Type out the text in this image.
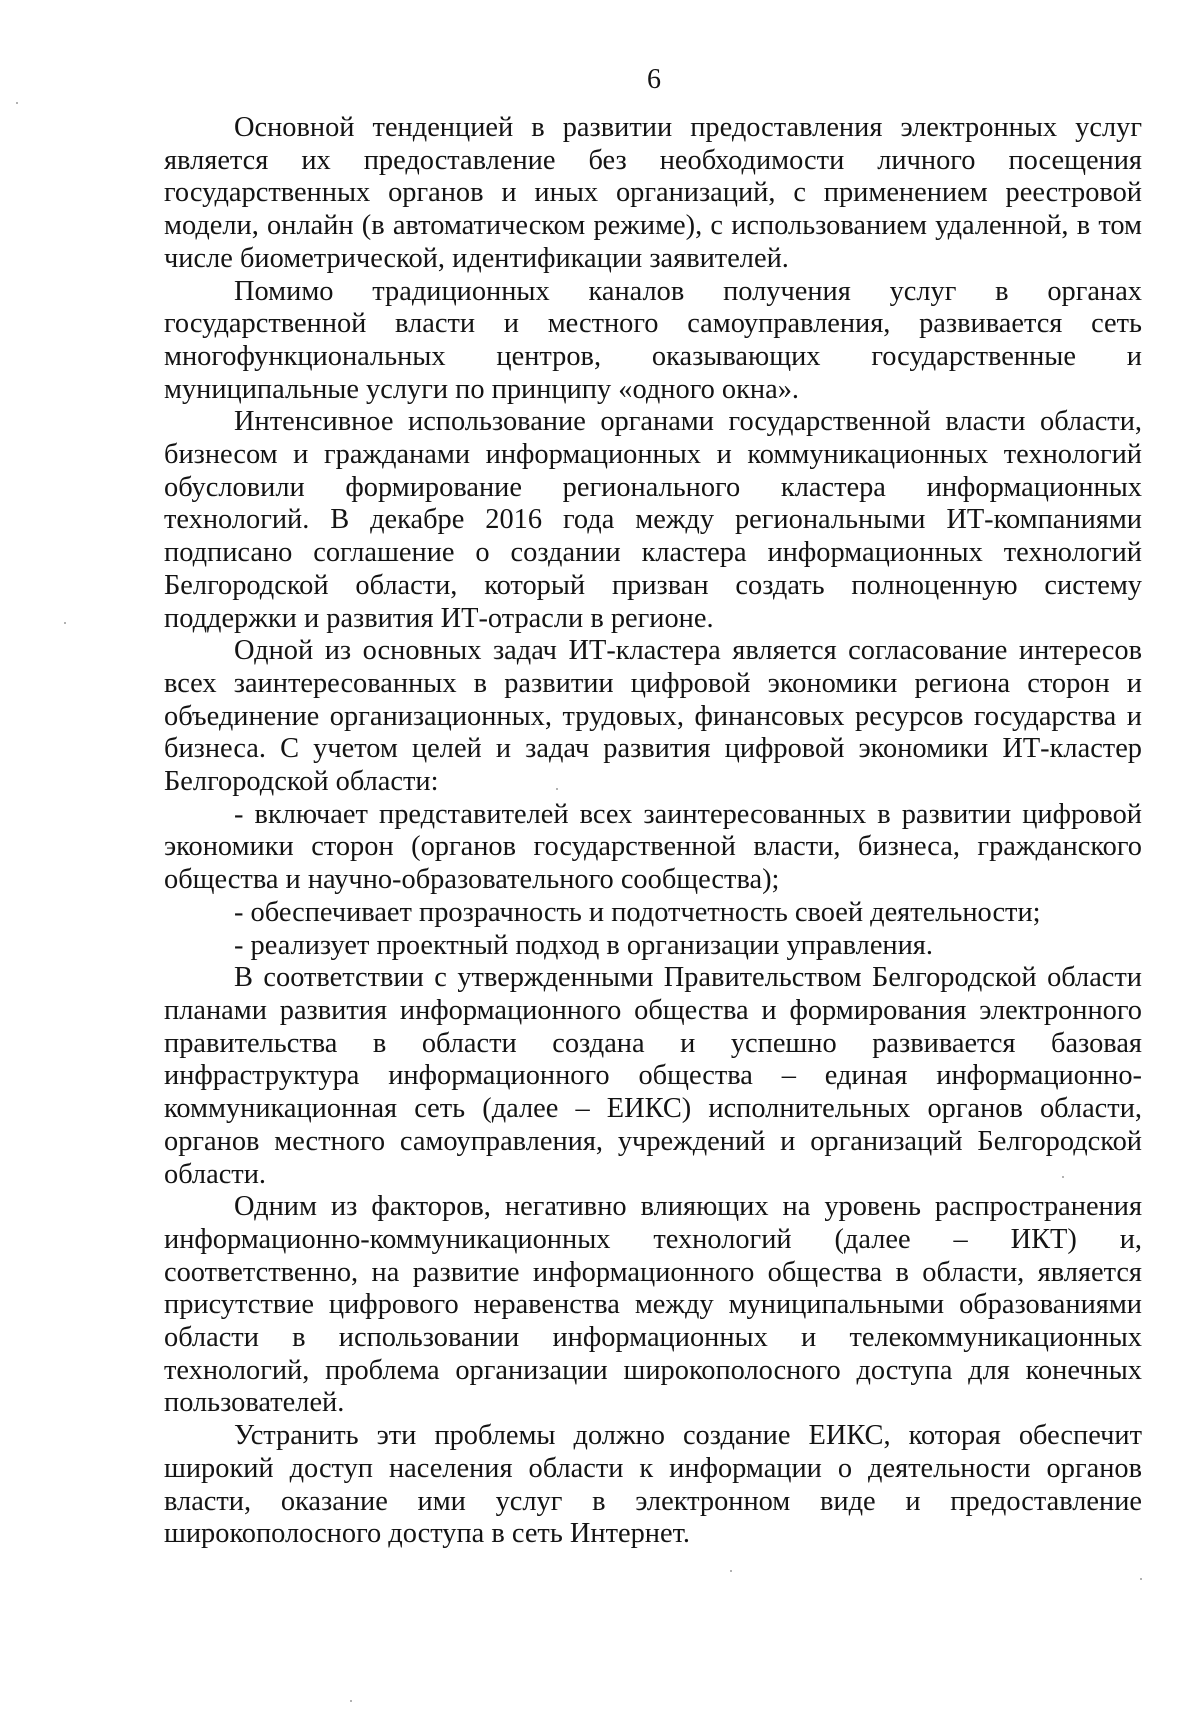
6

Основной тенденцией в развитии предоставления электронных услуг является их предоставление без необходимости личного посещения государственных органов и иных организаций, с применением реестровой модели, онлайн (в автоматическом режиме), с использованием удаленной, в том числе биометрической, идентификации заявителей.

Помимо традиционных каналов получения услуг в органах государственной власти и местного самоуправления, развивается сеть многофункциональных центров, оказывающих государственные и муниципальные услуги по принципу «одного окна».

Интенсивное использование органами государственной власти области, бизнесом и гражданами информационных и коммуникационных технологий обусловили формирование регионального кластера информационных технологий. В декабре 2016 года между региональными ИТ-компаниями подписано соглашение о создании кластера информационных технологий Белгородской области, который призван создать полноценную систему поддержки и развития ИТ-отрасли в регионе.

Одной из основных задач ИТ-кластера является согласование интересов всех заинтересованных в развитии цифровой экономики региона сторон и объединение организационных, трудовых, финансовых ресурсов государства и бизнеса. С учетом целей и задач развития цифровой экономики ИТ-кластер Белгородской области:

- включает представителей всех заинтересованных в развитии цифровой экономики сторон (органов государственной власти, бизнеса, гражданского общества и научно-образовательного сообщества);

- обеспечивает прозрачность и подотчетность своей деятельности;

- реализует проектный подход в организации управления.

В соответствии с утвержденными Правительством Белгородской области планами развития информационного общества и формирования электронного правительства в области создана и успешно развивается базовая инфраструктура информационного общества – единая информационно-коммуникационная сеть (далее – ЕИКС) исполнительных органов области, органов местного самоуправления, учреждений и организаций Белгородской области.

Одним из факторов, негативно влияющих на уровень распространения информационно-коммуникационных технологий (далее – ИКТ) и, соответственно, на развитие информационного общества в области, является присутствие цифрового неравенства между муниципальными образованиями области в использовании информационных и телекоммуникационных технологий, проблема организации широкополосного доступа для конечных пользователей.

Устранить эти проблемы должно создание ЕИКС, которая обеспечит широкий доступ населения области к информации о деятельности органов власти, оказание ими услуг в электронном виде и предоставление широкополосного доступа в сеть Интернет.
